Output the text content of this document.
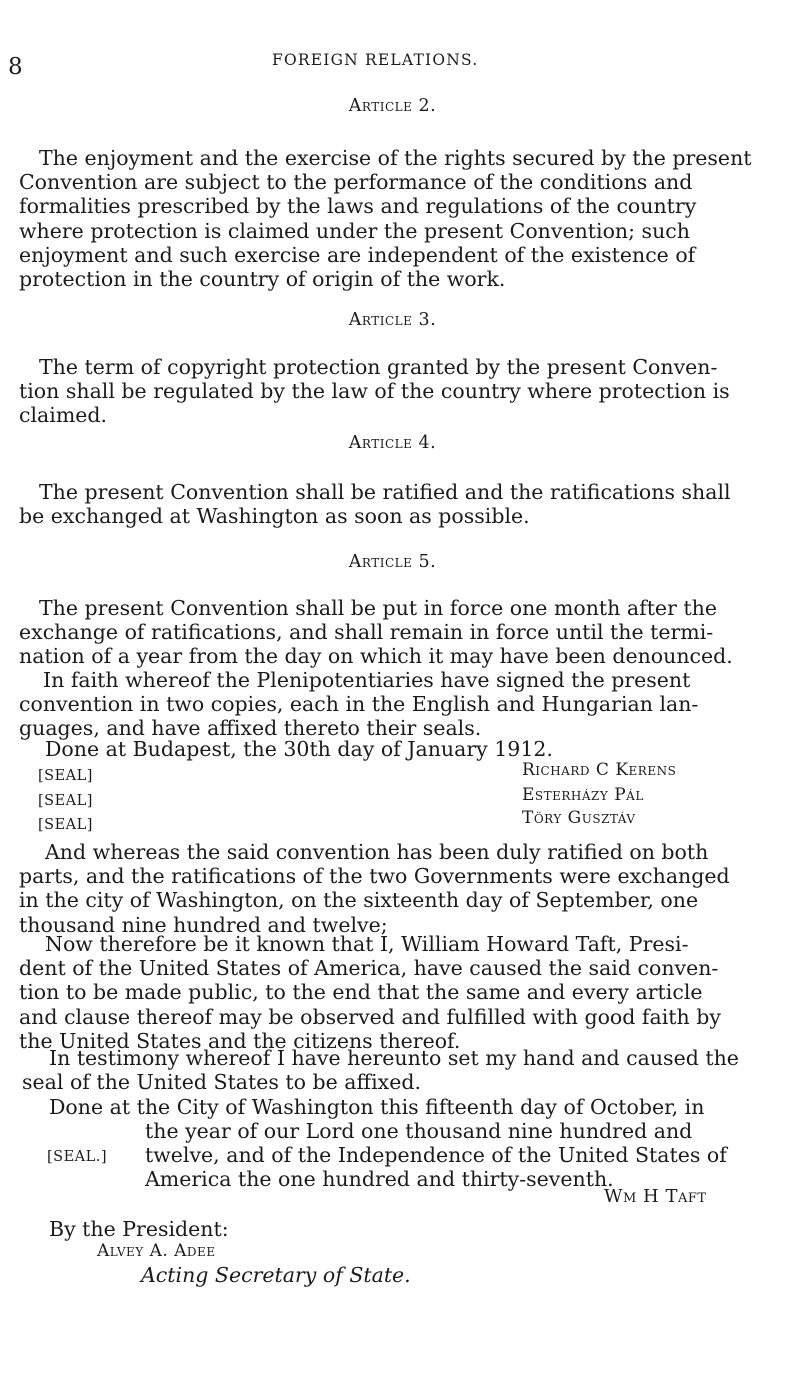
8	FOREIGN RELATIONS.
Article 2.
The enjoyment and the exercise of the rights secured by the present
Convention are subject to the performance of the conditions and
formalities prescribed by the laws and regulations of the country
where protection is claimed under the present Convention; such
enjoyment and such exercise are independent of the existence of
protection in the country of origin of the work.
Article 3.
The term of copyright protection granted by the present Conven-
tion shall be regulated by the law of the country where protection is
claimed.
Article 4.
The present Convention shall be ratified and the ratifications shall
be exchanged at Washington as soon as possible.
Article 5.
The present Convention shall be put in force one month after the
exchange of ratifications, and shall remain in force until the termi-
nation of a year from the day on which it may have been denounced.
In faith whereof the Plenipotentiaries have signed the present
convention in two copies, each in the English and Hungarian lan-
guages, and have affixed thereto their seals.
Done at Budapest, the 30th day of January 1912.
[SEAL]	Richard C Kerens
[SEAL]	Esterházy Pál
[SEAL]	Töry Gusztáv
And whereas the said convention has been duly ratified on both
parts, and the ratifications of the two Governments were exchanged
in the city of Washington, on the sixteenth day of September, one
thousand nine hundred and twelve;
Now therefore be it known that I, William Howard Taft, Presi-
dent of the United States of America, have caused the said conven-
tion to be made public, to the end that the same and every article
and clause thereof may be observed and fulfilled with good faith by
the United States and the citizens thereof.
In testimony whereof I have hereunto set my hand and caused the
seal of the United States to be affixed.
Done at the City of Washington this fifteenth day of October, in
the year of our Lord one thousand nine hundred and
[SEAL.] twelve, and of the Independence of the United States of
America the one hundred and thirty-seventh.
Wm H Taft
By the President:
Alvey A. Adee
Acting Secretary of State.
